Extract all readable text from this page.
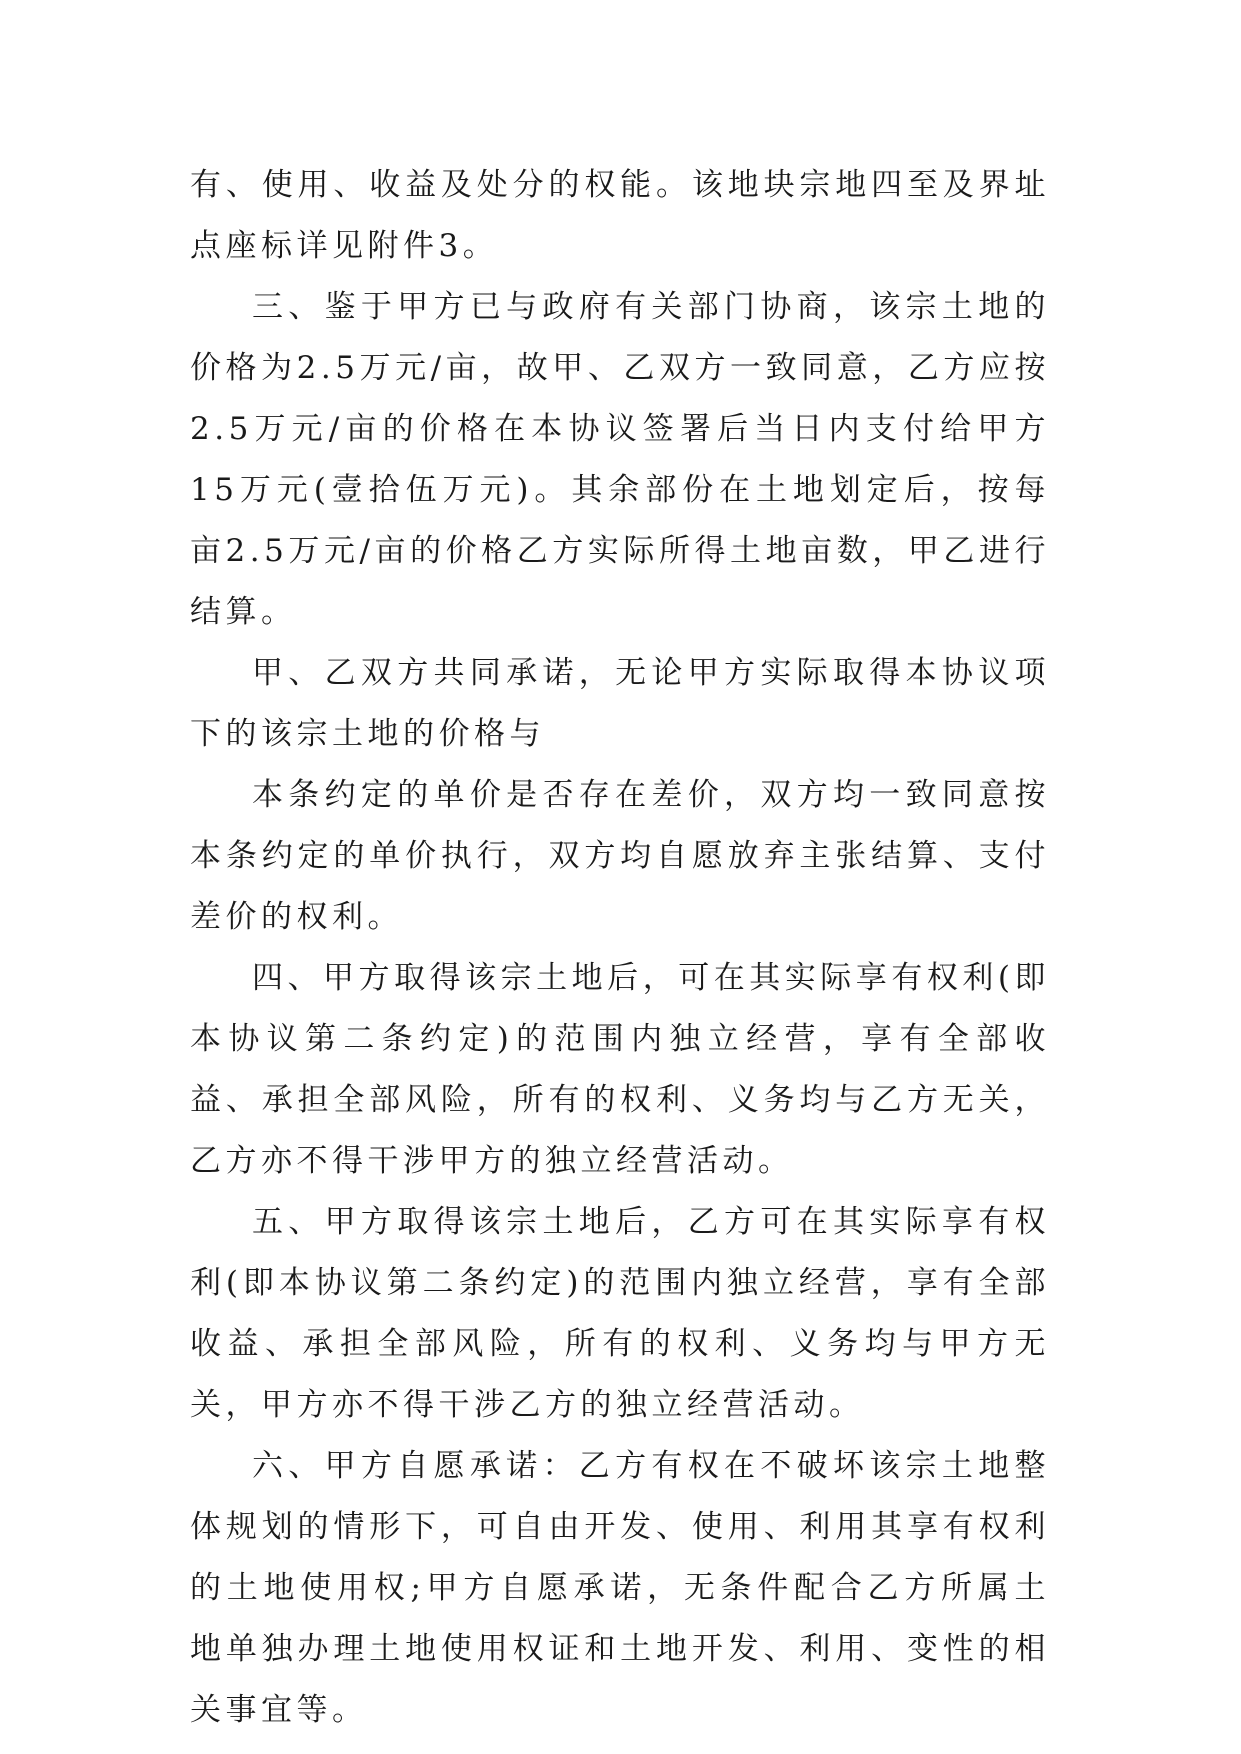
有、使用、收益及处分的权能。该地块宗地四至及界址点座标详见附件3。

三、鉴于甲方已与政府有关部门协商，该宗土地的价格为2.5万元/亩，故甲、乙双方一致同意，乙方应按2.5万元/亩的价格在本协议签署后当日内支付给甲方15万元(壹拾伍万元)。其余部份在土地划定后，按每亩2.5万元/亩的价格乙方实际所得土地亩数，甲乙进行结算。

甲、乙双方共同承诺，无论甲方实际取得本协议项下的该宗土地的价格与

本条约定的单价是否存在差价，双方均一致同意按本条约定的单价执行，双方均自愿放弃主张结算、支付差价的权利。

四、甲方取得该宗土地后，可在其实际享有权利(即本协议第二条约定)的范围内独立经营，享有全部收益、承担全部风险，所有的权利、义务均与乙方无关，乙方亦不得干涉甲方的独立经营活动。

五、甲方取得该宗土地后，乙方可在其实际享有权利(即本协议第二条约定)的范围内独立经营，享有全部收益、承担全部风险，所有的权利、义务均与甲方无关，甲方亦不得干涉乙方的独立经营活动。

六、甲方自愿承诺：乙方有权在不破坏该宗土地整体规划的情形下，可自由开发、使用、利用其享有权利的土地使用权;甲方自愿承诺，无条件配合乙方所属土地单独办理土地使用权证和土地开发、利用、变性的相关事宜等。
